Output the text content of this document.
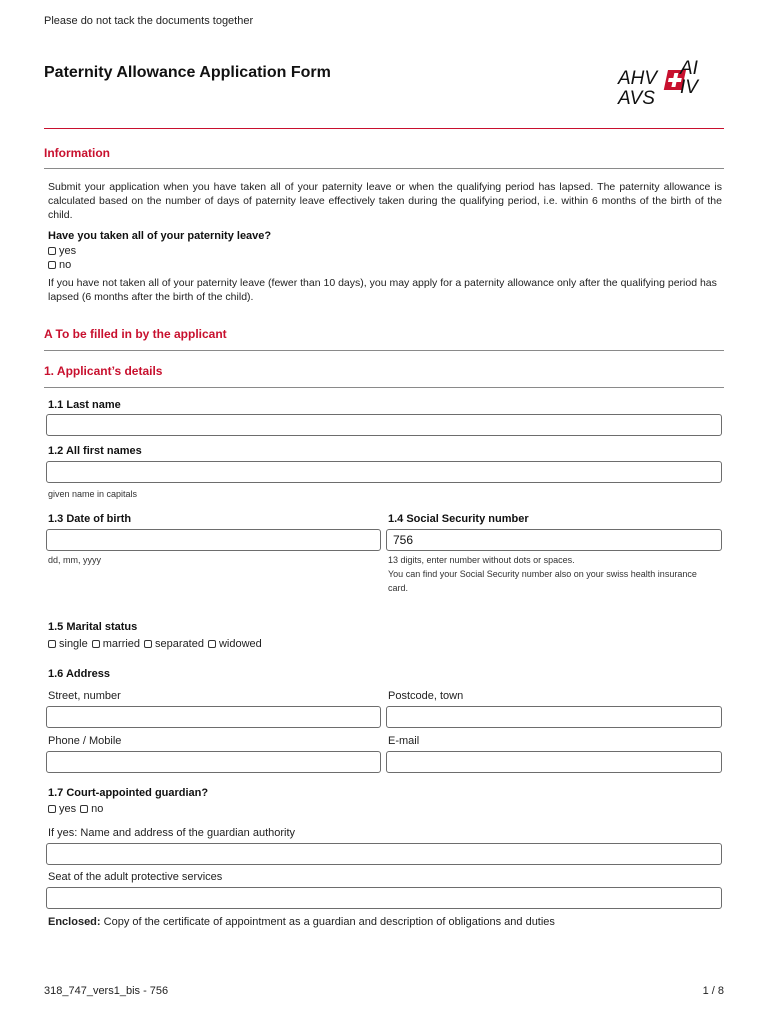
Please do not tack the documents together
Paternity Allowance Application Form	AHV
AVS
AI
IV
Information
Submit your application when you have taken all of your paternity leave or when the qualifying period has lapsed. The paternity allowance is calculated based on the number of days of paternity leave effectively taken during the qualifying period, i.e. within 6 months of the birth of the child.
Have you taken all of your paternity leave?
yes
no
If you have not taken all of your paternity leave (fewer than 10 days), you may apply for a paternity allowance only after the qualifying period has lapsed (6 months after the birth of the child).
A To be filled in by the applicant
1. Applicant’s details
1.1 Last name
1.2 All first names
given name in capitals
1.3 Date of birth
dd, mm, yyyy
1.4 Social Security number
756
13 digits, enter number without dots or spaces.
You can find your Social Security number also on your swiss health insurance
card.
1.5 Marital status
single married separated widowed
1.6 Address
Street, number	Postcode, town
Phone / Mobile	E-mail
1.7 Court-appointed guardian?
yes no
If yes: Name and address of the guardian authority
Seat of the adult protective services
Enclosed: Copy of the certificate of appointment as a guardian and description of obligations and duties
318_747_vers1_bis - 756	1 / 8
